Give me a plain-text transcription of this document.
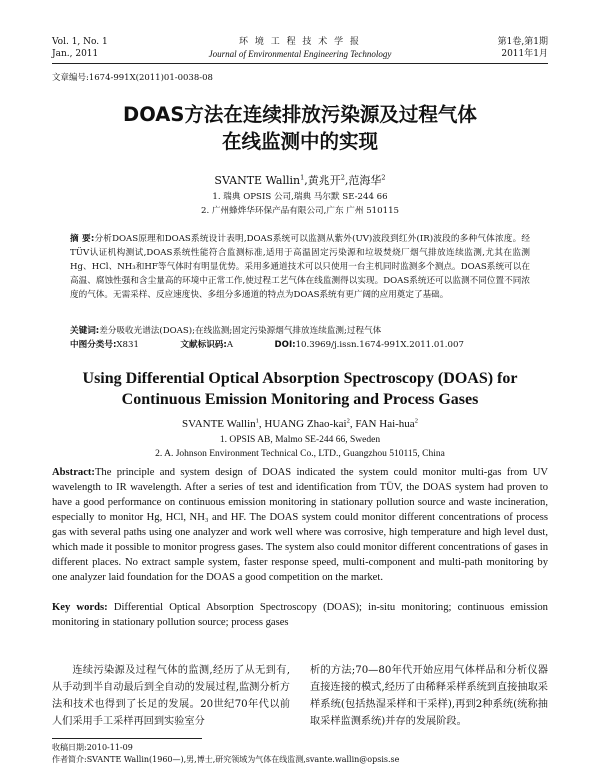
Vol. 1, No. 1
Jan., 2011
环 境 工 程 技 术 学 报
Journal of Environmental Engineering Technology
第1卷,第1期
2011年1月
文章编号:1674-991X(2011)01-0038-08
DOAS方法在连续排放污染源及过程气体
在线监测中的实现
SVANTE Wallin$^1$,黄兆开$^2$,范海华$^2$
1. 瑞典 OPSIS 公司,瑞典 马尔默 SE-244 66
2. 广州蜂烨华环保产品有限公司,广东 广州 510115
摘 要:分析DOAS原理和DOAS系统设计表明,DOAS系统可以监测从紫外(UV)波段到红外(IR)波段的多种气体浓度。经TÜV认证机构测试,DOAS系统性能符合监测标准,适用于高温固定污染源和垃圾焚烧厂烟气排放连续监测,尤其在监测Hg、HCl、NH₃和HF等气体时有明显优势。采用多通道技术可以只使用一台主机同时监测多个测点。DOAS系统可以在高温、腐蚀性强和含尘量高的环境中正常工作,使过程工艺气体在线监测得以实现。DOAS系统还可以监测不同位置不同浓度的气体。无需采样、反应速度快、多组分多通道的特点为DOAS系统有更广阔的应用奠定了基础。
关键词:差分吸收光谱法(DOAS);在线监测;固定污染源烟气排放连续监测;过程气体
中图分类号:X831	文献标识码:A	DOI:10.3969/j.issn.1674-991X.2011.01.007
Using Differential Optical Absorption Spectroscopy (DOAS) for
Continuous Emission Monitoring and Process Gases
SVANTE Wallin$^1$, HUANG Zhao-kai$^2$, FAN Hai-hua$^2$
1. OPSIS AB, Malmo SE-244 66, Sweden
2. A. Johnson Environment Technical Co., LTD., Guangzhou 510115, China
Abstract:The principle and system design of DOAS indicated the system could monitor multi-gas from UV wavelength to IR wavelength. After a series of test and identification from TÜV, the DOAS system had proven to have a good performance on continuous emission monitoring in stationary pollution source and waste incineration, especially to monitor Hg, HCl, NH₃ and HF. The DOAS system could monitor different concentrations of process gas with several paths using one analyzer and work well where was corrosive, high temperature and high level dust, which made it possible to monitor progress gases. The system also could monitor different concentrations of gases in different places. No extract sample system, faster response speed, multi-component and multi-path monitoring by one analyzer laid foundation for the DOAS a good competition on the market.
Key words: Differential Optical Absorption Spectroscopy (DOAS); in-situ monitoring; continuous emission monitoring in stationary pollution source; process gases
连续污染源及过程气体的监测,经历了从无到有,从手动到半自动最后到全自动的发展过程,监测分析方法和技术也得到了长足的发展。20世纪70年代以前人们采用手工采样再回到实验室分
析的方法;70—80年代开始应用气体样品和分析仪器直接连接的模式,经历了由稀释采样系统到直接抽取采样系统(包括热湿采样和干采样),再到2种系统(统称抽取采样监测系统)并存的发展阶段。
收稿日期:2010-11-09
作者简介:SVANTE Wallin(1960—),男,博士,研究领域为气体在线监测,svante.wallin@opsis.se
